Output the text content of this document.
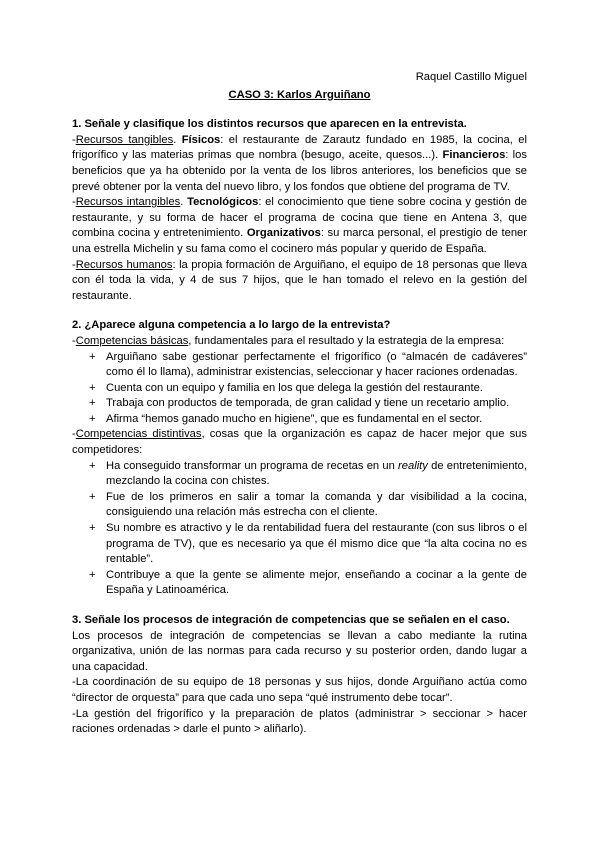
Raquel Castillo Miguel

CASO 3: Karlos Arguiñano

1. Señale y clasifique los distintos recursos que aparecen en la entrevista.

-Recursos tangibles. Físicos: el restaurante de Zarautz fundado en 1985, la cocina, el frigorífico y las materias primas que nombra (besugo, aceite, quesos...). Financieros: los beneficios que ya ha obtenido por la venta de los libros anteriores, los beneficios que se prevé obtener por la venta del nuevo libro, y los fondos que obtiene del programa de TV.

-Recursos intangibles. Tecnológicos: el conocimiento que tiene sobre cocina y gestión de restaurante, y su forma de hacer el programa de cocina que tiene en Antena 3, que combina cocina y entretenimiento. Organizativos: su marca personal, el prestigio de tener una estrella Michelin y su fama como el cocinero más popular y querido de España.

-Recursos humanos: la propia formación de Arguiñano, el equipo de 18 personas que lleva con él toda la vida, y 4 de sus 7 hijos, que le han tomado el relevo en la gestión del restaurante.

2. ¿Aparece alguna competencia a lo largo de la entrevista?

-Competencias básicas, fundamentales para el resultado y la estrategia de la empresa:

+ Arguiñano sabe gestionar perfectamente el frigorífico (o “almacén de cadáveres” como él lo llama), administrar existencias, seleccionar y hacer raciones ordenadas.
+ Cuenta con un equipo y familia en los que delega la gestión del restaurante.
+ Trabaja con productos de temporada, de gran calidad y tiene un recetario amplio.
+ Afirma “hemos ganado mucho en higiene”, que es fundamental en el sector.

-Competencias distintivas, cosas que la organización es capaz de hacer mejor que sus competidores:

+ Ha conseguido transformar un programa de recetas en un reality de entretenimiento, mezclando la cocina con chistes.
+ Fue de los primeros en salir a tomar la comanda y dar visibilidad a la cocina, consiguiendo una relación más estrecha con el cliente.
+ Su nombre es atractivo y le da rentabilidad fuera del restaurante (con sus libros o el programa de TV), que es necesario ya que él mismo dice que “la alta cocina no es rentable”.
+ Contribuye a que la gente se alimente mejor, enseñando a cocinar a la gente de España y Latinoamérica.

3. Señale los procesos de integración de competencias que se señalen en el caso.

Los procesos de integración de competencias se llevan a cabo mediante la rutina organizativa, unión de las normas para cada recurso y su posterior orden, dando lugar a una capacidad.

-La coordinación de su equipo de 18 personas y sus hijos, donde Arguiñano actúa como “director de orquesta” para que cada uno sepa “qué instrumento debe tocar”.

-La gestión del frigorífico y la preparación de platos (administrar > seccionar > hacer raciones ordenadas > darle el punto > aliñarlo).
